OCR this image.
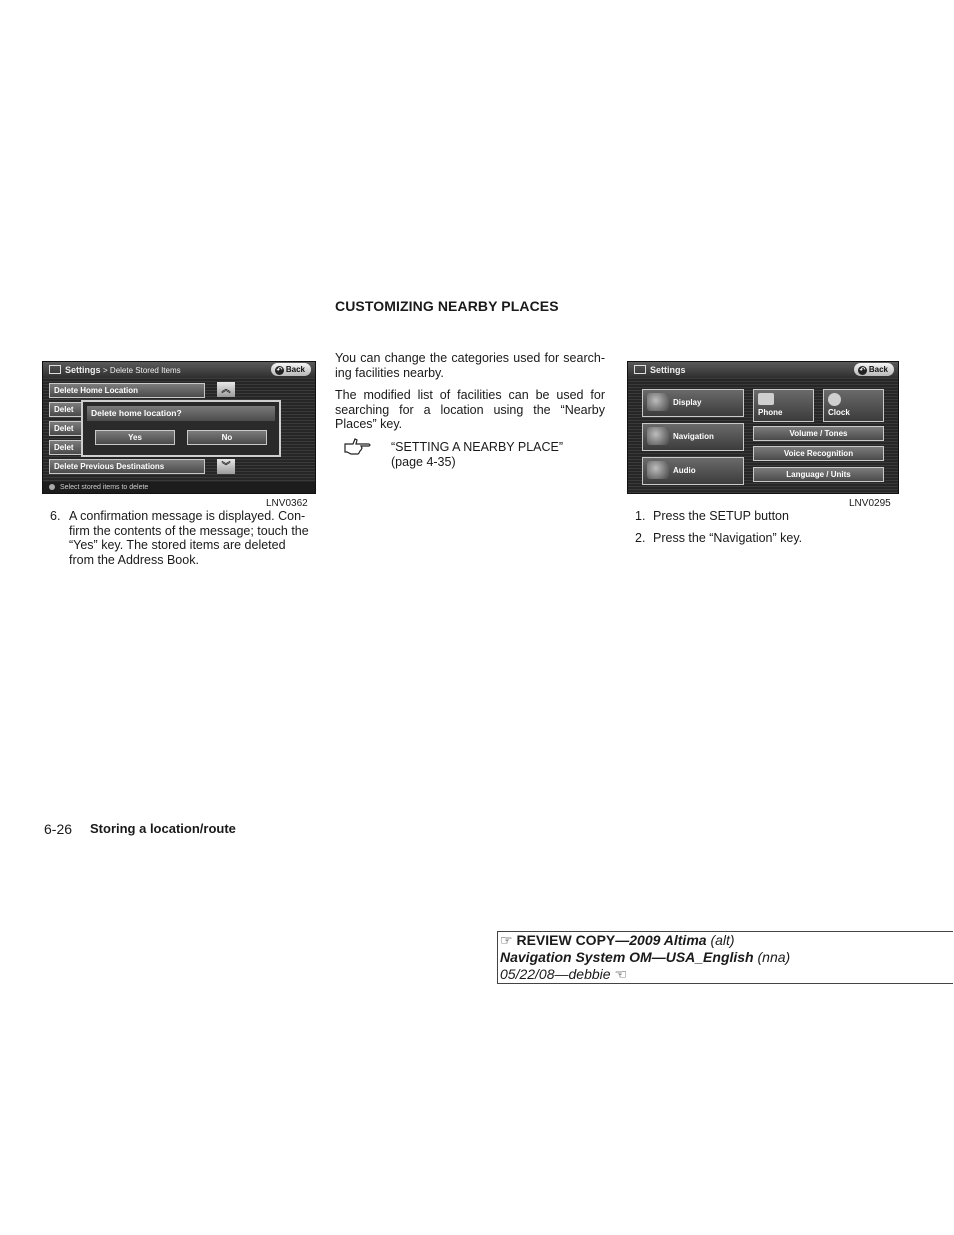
CUSTOMIZING NEARBY PLACES
Settings > Delete Stored Items	↶ Back
Delete Home Location
Delet
Delet
Delet
Delete Previous Destinations
︽
︾
Delete home location?
Yes	No
Select stored items to delete
LNV0362
6. A confirmation message is displayed. Con- firm the contents of the message; touch the “Yes” key. The stored items are deleted from the Address Book.
You can change the categories used for search- ing facilities nearby.
The modified list of facilities can be used for searching for a location using the “Nearby Places” key.
“SETTING A NEARBY PLACE”
(page 4-35)
Settings	↶ Back
Display
Navigation
Audio
Phone	Clock
Volume / Tones
Voice Recognition
Language / Units
LNV0295
1. Press the SETUP button
2. Press the “Navigation” key.
6-26 Storing a location/route
☞ REVIEW COPY—2009 Altima (alt)
Navigation System OM—USA_English (nna)
05/22/08—debbie ☜
